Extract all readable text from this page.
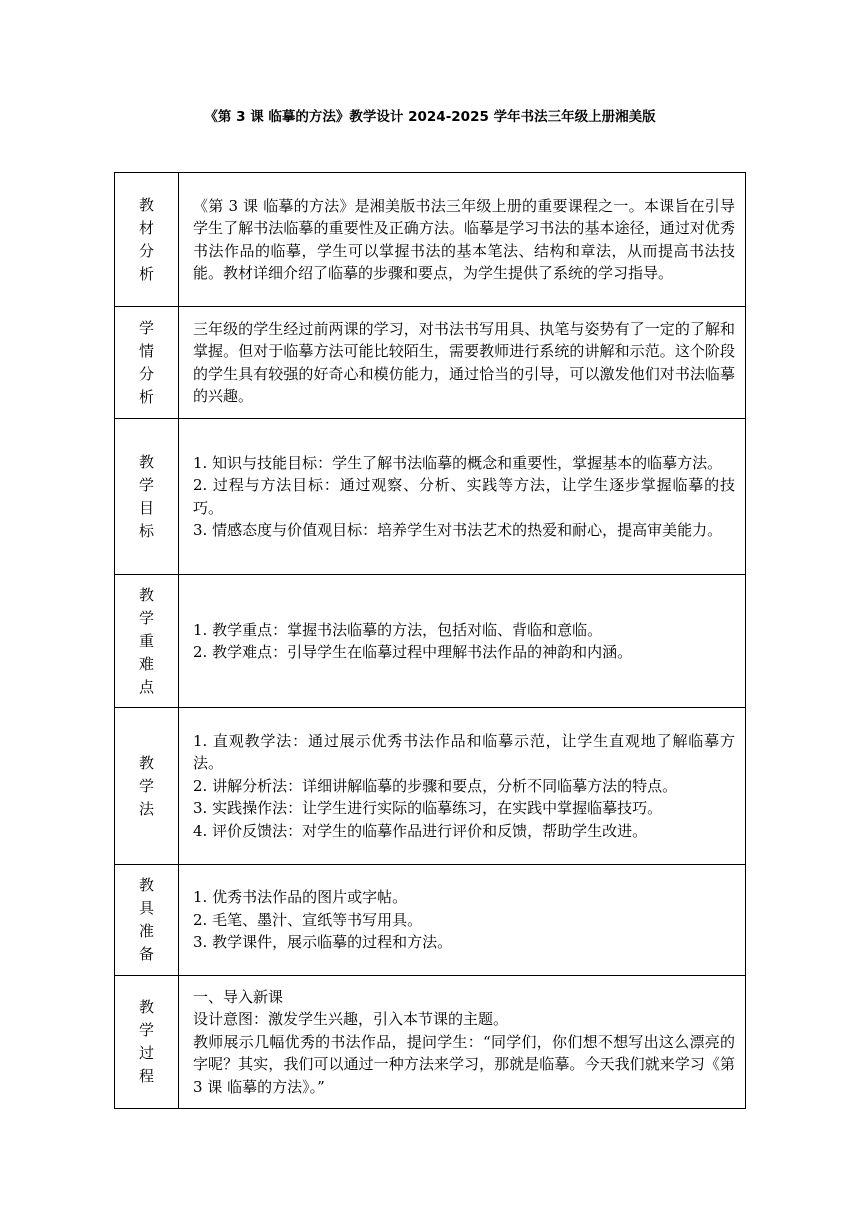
《第 3 课 临摹的方法》教学设计 2024-2025 学年书法三年级上册湘美版
教材分析	《第 3 课 临摹的方法》是湘美版书法三年级上册的重要课程之一。本课旨在引导学生了解书法临摹的重要性及正确方法。临摹是学习书法的基本途径，通过对优秀书法作品的临摹，学生可以掌握书法的基本笔法、结构和章法，从而提高书法技能。教材详细介绍了临摹的步骤和要点，为学生提供了系统的学习指导。

学情分析	三年级的学生经过前两课的学习，对书法书写用具、执笔与姿势有了一定的了解和掌握。但对于临摹方法可能比较陌生，需要教师进行系统的讲解和示范。这个阶段的学生具有较强的好奇心和模仿能力，通过恰当的引导，可以激发他们对书法临摹的兴趣。

教学目标	1. 知识与技能目标：学生了解书法临摹的概念和重要性，掌握基本的临摹方法。

2. 过程与方法目标：通过观察、分析、实践等方法，让学生逐步掌握临摹的技巧。

3. 情感态度与价值观目标：培养学生对书法艺术的热爱和耐心，提高审美能力。

教学重难点	1. 教学重点：掌握书法临摹的方法，包括对临、背临和意临。

2. 教学难点：引导学生在临摹过程中理解书法作品的神韵和内涵。

教学法	1. 直观教学法：通过展示优秀书法作品和临摹示范，让学生直观地了解临摹方法。

2. 讲解分析法：详细讲解临摹的步骤和要点，分析不同临摹方法的特点。

3. 实践操作法：让学生进行实际的临摹练习，在实践中掌握临摹技巧。

4. 评价反馈法：对学生的临摹作品进行评价和反馈，帮助学生改进。

教具准备	1. 优秀书法作品的图片或字帖。

2. 毛笔、墨汁、宣纸等书写用具。

3. 教学课件，展示临摹的过程和方法。

教学过程	一、导入新课

设计意图：激发学生兴趣，引入本节课的主题。

教师展示几幅优秀的书法作品，提问学生：“同学们，你们想不想写出这么漂亮的字呢？其实，我们可以通过一种方法来学习，那就是临摹。今天我们就来学习《第 3 课 临摹的方法》。”
